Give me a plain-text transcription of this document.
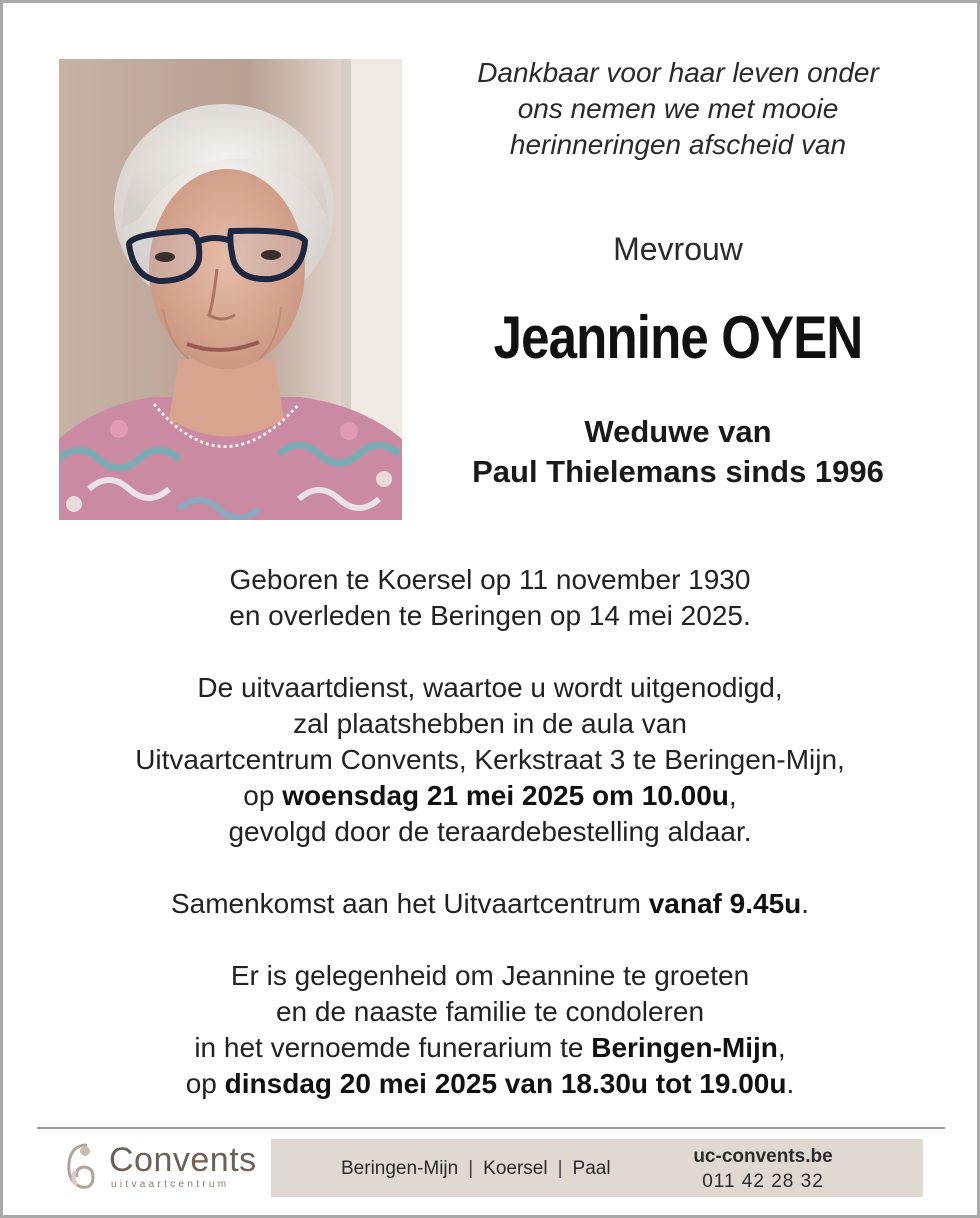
Dankbaar voor haar leven onder
ons nemen we met mooie
herinneringen afscheid van
Mevrouw
Jeannine OYEN
Weduwe van
Paul Thielemans sinds 1996

Geboren te Koersel op 11 november 1930
en overleden te Beringen op 14 mei 2025.

De uitvaartdienst, waartoe u wordt uitgenodigd,
zal plaatshebben in de aula van
Uitvaartcentrum Convents, Kerkstraat 3 te Beringen-Mijn,
op woensdag 21 mei 2025 om 10.00u,
gevolgd door de teraardebestelling aldaar.

Samenkomst aan het Uitvaartcentrum vanaf 9.45u.

Er is gelegenheid om Jeannine te groeten
en de naaste familie te condoleren
in het vernoemde funerarium te Beringen-Mijn,
op dinsdag 20 mei 2025 van 18.30u tot 19.00u.

Convents
uitvaartcentrum
Beringen-Mijn | Koersel | Paal
uc-convents.be
011 42 28 32
